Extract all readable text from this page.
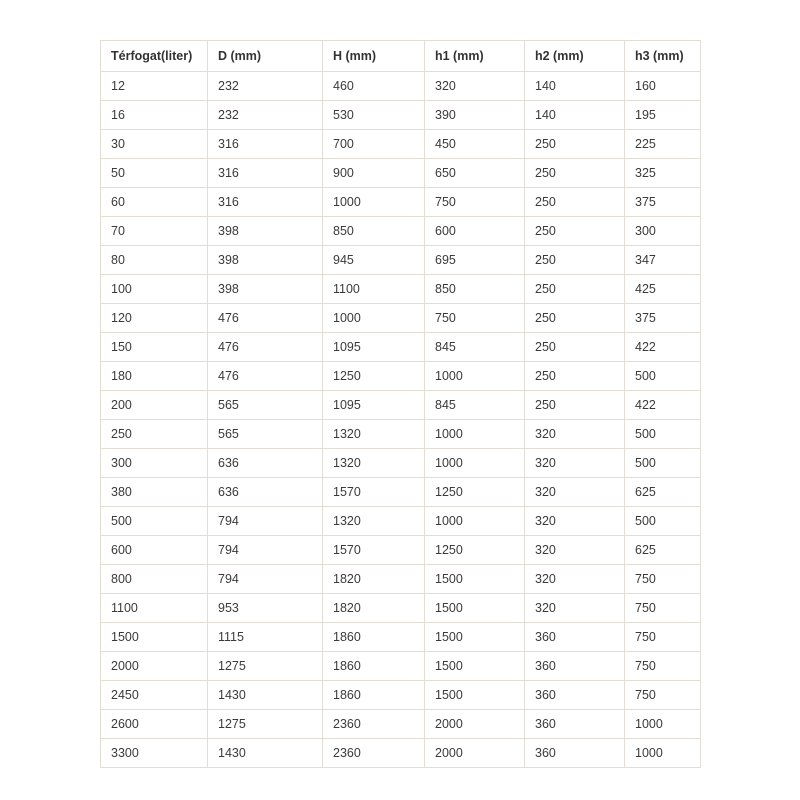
Térfogat(liter)	D (mm)	H (mm)	h1 (mm)	h2 (mm)	h3 (mm)
12	232	460	320	140	160
16	232	530	390	140	195
30	316	700	450	250	225
50	316	900	650	250	325
60	316	1000	750	250	375
70	398	850	600	250	300
80	398	945	695	250	347
100	398	1100	850	250	425
120	476	1000	750	250	375
150	476	1095	845	250	422
180	476	1250	1000	250	500
200	565	1095	845	250	422
250	565	1320	1000	320	500
300	636	1320	1000	320	500
380	636	1570	1250	320	625
500	794	1320	1000	320	500
600	794	1570	1250	320	625
800	794	1820	1500	320	750
1100	953	1820	1500	320	750
1500	1115	1860	1500	360	750
2000	1275	1860	1500	360	750
2450	1430	1860	1500	360	750
2600	1275	2360	2000	360	1000
3300	1430	2360	2000	360	1000
